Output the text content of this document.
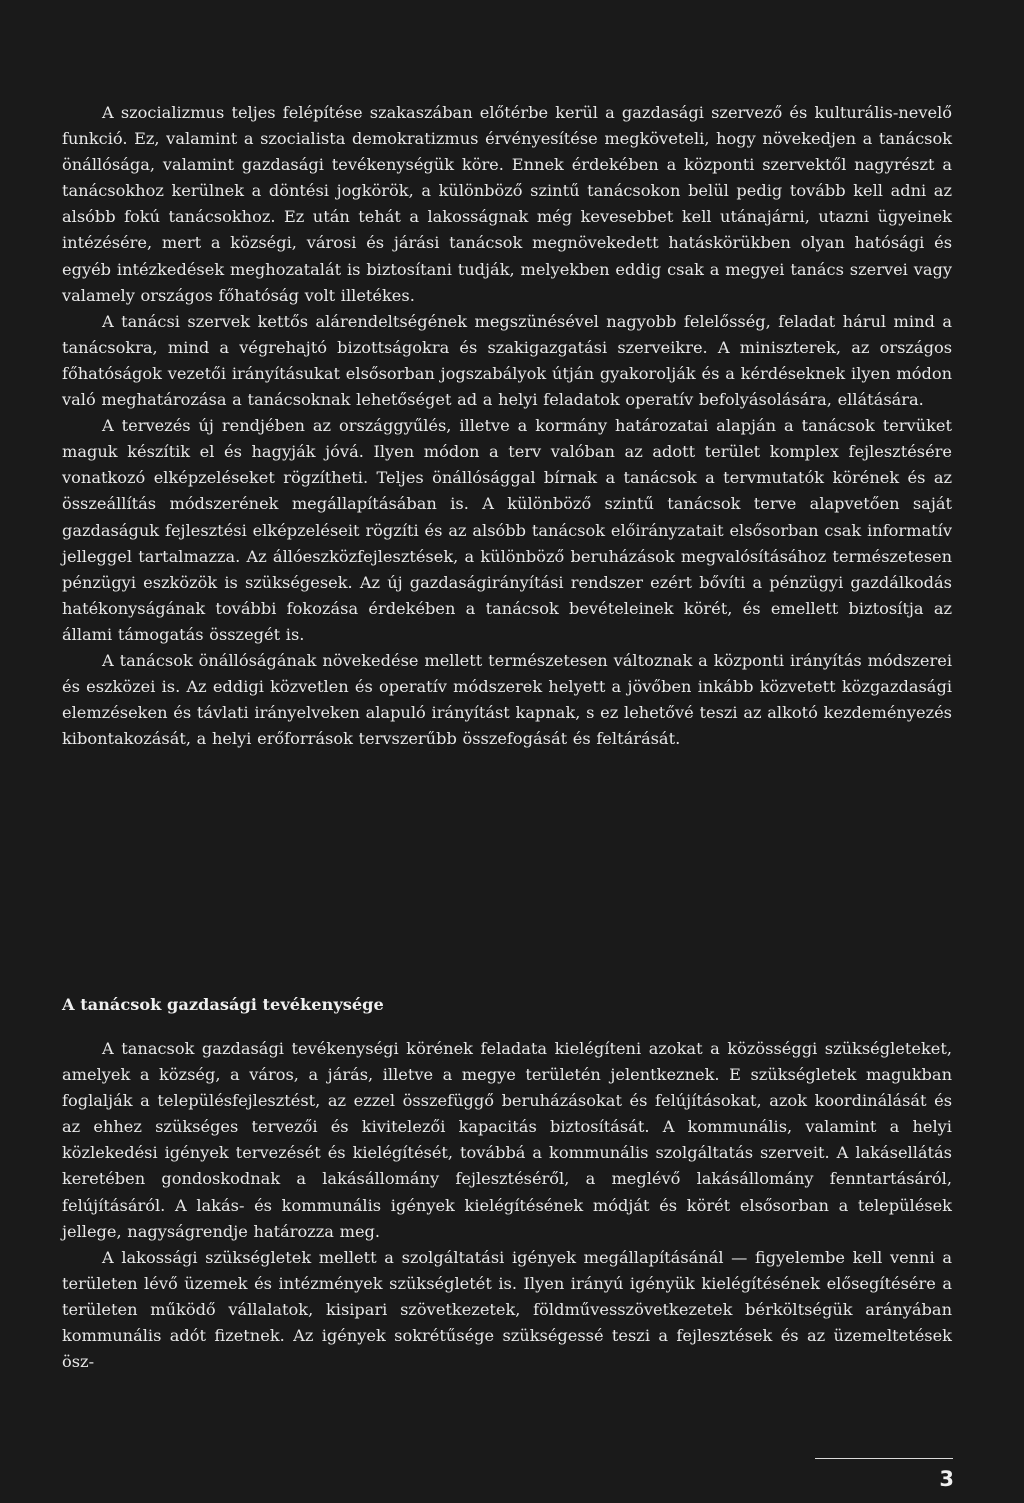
A szocializmus teljes felépítése szakaszában előtérbe kerül a gazdasági szervező és kulturális-nevelő funkció. Ez, valamint a szocialista demokratizmus érvényesítése megköveteli, hogy növekedjen a tanácsok önállósága, valamint gazdasági tevékenységük köre. Ennek érdekében a központi szervektől nagyrészt a tanácsokhoz kerülnek a döntési jogkörök, a különböző szintű tanácsokon belül pedig tovább kell adni az alsóbb fokú tanácsokhoz. Ez után tehát a lakosságnak még kevesebbet kell utánajárni, utazni ügyeinek intézésére, mert a községi, városi és járási tanácsok megnövekedett hatáskörükben olyan hatósági és egyéb intézkedések meghozatalát is biztosítani tudják, melyekben eddig csak a megyei tanács szervei vagy valamely országos főhatóság volt illetékes.

A tanácsi szervek kettős alárendeltségének megszünésével nagyobb felelősség, feladat hárul mind a tanácsokra, mind a végrehajtó bizottságokra és szakigazgatási szerveikre. A miniszterek, az országos főhatóságok vezetői irányításukat elsősorban jogszabályok útján gyakorolják és a kérdéseknek ilyen módon való meghatározása a tanácsoknak lehetőséget ad a helyi feladatok operatív befolyásolására, ellátására.

A tervezés új rendjében az országgyűlés, illetve a kormány határozatai alapján a tanácsok tervüket maguk készítik el és hagyják jóvá. Ilyen módon a terv valóban az adott terület komplex fejlesztésére vonatkozó elképzeléseket rögzítheti. Teljes önállósággal bírnak a tanácsok a tervmutatók körének és az összeállítás módszerének megállapításában is. A különböző szintű tanácsok terve alapvetően saját gazdaságuk fejlesztési elképzeléseit rögzíti és az alsóbb tanácsok előirányzatait elsősorban csak informatív jelleggel tartalmazza. Az állóeszközfejlesztések, a különböző beruházások megvalósításához természetesen pénzügyi eszközök is szükségesek. Az új gazdaságirányítási rendszer ezért bővíti a pénzügyi gazdálkodás hatékonyságának további fokozása érdekében a tanácsok bevételeinek körét, és emellett biztosítja az állami támogatás összegét is.

A tanácsok önállóságának növekedése mellett természetesen változnak a központi irányítás módszerei és eszközei is. Az eddigi közvetlen és operatív módszerek helyett a jövőben inkább közvetett közgazdasági elemzéseken és távlati irányelveken alapuló irányítást kapnak, s ez lehetővé teszi az alkotó kezdeményezés kibontakozását, a helyi erőforrások tervszerűbb összefogását és feltárását.

A tanácsok gazdasági tevékenysége

A tanacsok gazdasági tevékenységi körének feladata kielégíteni azokat a közösséggi szükségleteket, amelyek a község, a város, a járás, illetve a megye területén jelentkeznek. E szükségletek magukban foglalják a településfejlesztést, az ezzel összefüggő beruházásokat és felújításokat, azok koordinálását és az ehhez szükséges tervezői és kivitelezői kapacitás biztosítását. A kommunális, valamint a helyi közlekedési igények tervezését és kielégítését, továbbá a kommunális szolgáltatás szerveit. A lakásellátás keretében gondoskodnak a lakásállomány fejlesztéséről, a meglévő lakásállomány fenntartásáról, felújításáról. A lakás- és kommunális igények kielégítésének módját és körét elsősorban a települések jellege, nagyságrendje határozza meg.

A lakossági szükségletek mellett a szolgáltatási igények megállapításánál — figyelembe kell venni a területen lévő üzemek és intézmények szükségletét is. Ilyen irányú igényük kielégítésének elősegítésére a területen működő vállalatok, kisipari szövetkezetek, földművesszövetkezetek bérköltségük arányában kommunális adót fizetnek. Az igények sokrétűsége szükségessé teszi a fejlesztések és az üzemeltetések ösz-

3
